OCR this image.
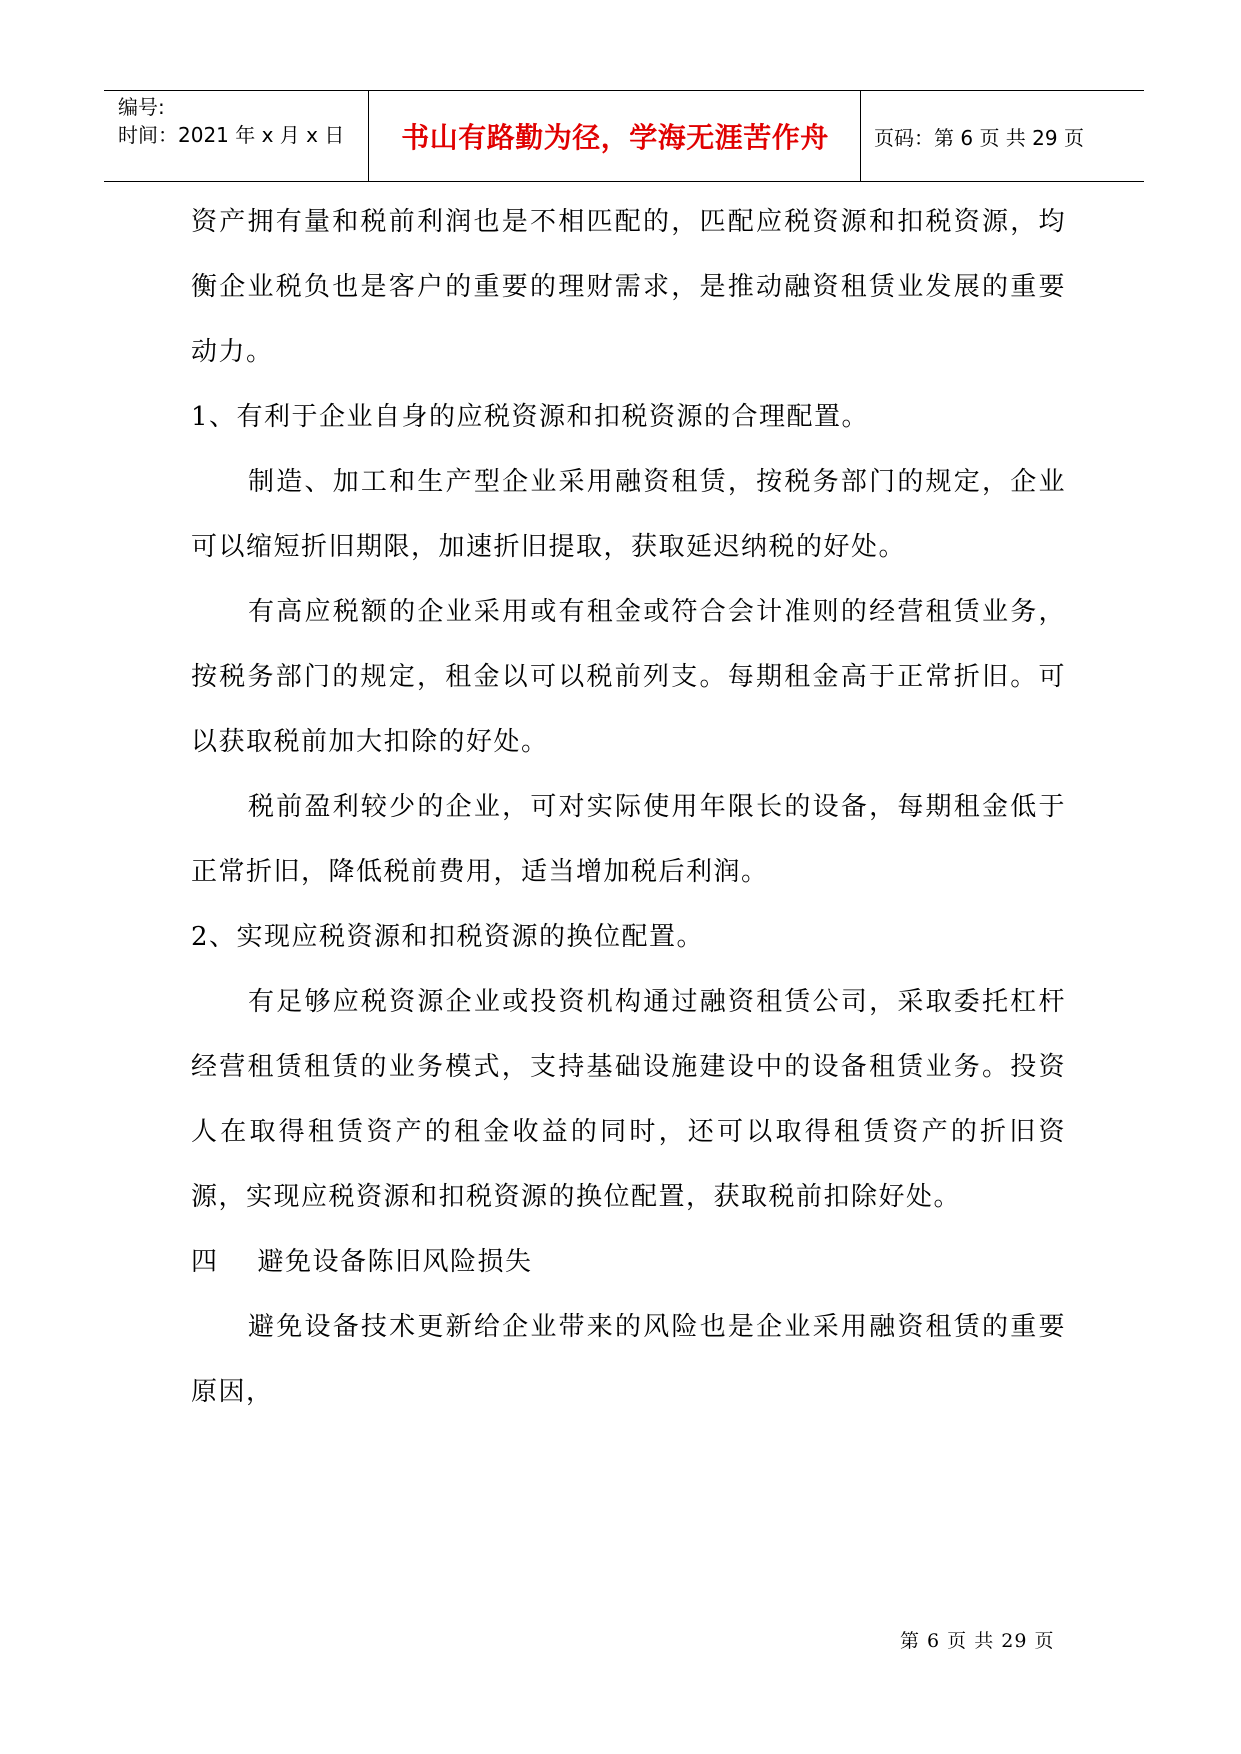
编号:
时间：2021 年 x 月 x 日	书山有路勤为径，学海无涯苦作舟	页码：第 6 页 共 29 页

资产拥有量和税前利润也是不相匹配的，匹配应税资源和扣税资源，均衡企业税负也是客户的重要的理财需求，是推动融资租赁业发展的重要动力。

1、有利于企业自身的应税资源和扣税资源的合理配置。

制造、加工和生产型企业采用融资租赁，按税务部门的规定，企业可以缩短折旧期限，加速折旧提取，获取延迟纳税的好处。

有高应税额的企业采用或有租金或符合会计准则的经营租赁业务，按税务部门的规定，租金以可以税前列支。每期租金高于正常折旧。可以获取税前加大扣除的好处。

税前盈利较少的企业，可对实际使用年限长的设备，每期租金低于正常折旧，降低税前费用，适当增加税后利润。

2、实现应税资源和扣税资源的换位配置。

有足够应税资源企业或投资机构通过融资租赁公司，采取委托杠杆经营租赁租赁的业务模式，支持基础设施建设中的设备租赁业务。投资人在取得租赁资产的租金收益的同时，还可以取得租赁资产的折旧资源，实现应税资源和扣税资源的换位配置，获取税前扣除好处。

四    避免设备陈旧风险损失

避免设备技术更新给企业带来的风险也是企业采用融资租赁的重要原因，

第 6 页 共 29 页
